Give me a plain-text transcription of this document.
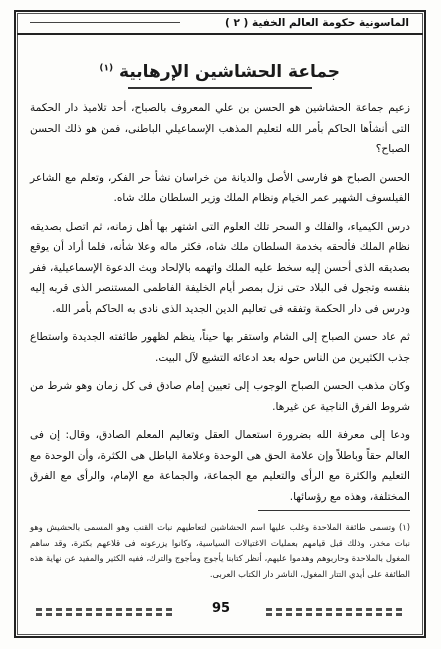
الماسونية حكومة العالم الخفية ( ٢ )
جماعة الحشاشين الإرهابية $^{(١)}$

زعيم جماعة الحشاشين هو الحسن بن علي المعروف بالصباح، أحد تلاميذ دار الحكمة التى أنشأها الحاكم بأمر الله لتعليم المذهب الإسماعيلي الباطنى، فمن هو ذلك الحسن الصباح؟

الحسن الصباح هو فارسى الأصل والديانة من خراسان نشأ حر الفكر، وتعلم مع الشاعر الفيلسوف الشهير عمر الخيام ونظام الملك وزير السلطان ملك شاه.

درس الكيمياء، والفلك و السحر تلك العلوم التى اشتهر بها أهل زمانه، ثم اتصل بصديقه نظام الملك فألحقه بخدمة السلطان ملك شاه، فكثر ماله وعلا شأنه، فلما أراد أن يوقع بصديقه الذى أحسن إليه سخط عليه الملك واتهمه بالإلحاد وبث الدعوة الإسماعيلية، ففر بنفسه وتجول فى البلاد حتى نزل بمصر أيام الخليفة الفاطمى المستنصر الذى قربه إليه ودرس فى دار الحكمة وتفقه فى تعاليم الدين الجديد الذى نادى به الحاكم بأمر الله.

ثم عاد حسن الصباح إلى الشام واستقر بها حيناً، ينظم لظهور طائفته الجديدة واستطاع جذب الكثيرين من الناس حوله بعد ادعائه التشيع لآل البيت.

وكان مذهب الحسن الصباح الوجوب إلى تعيين إمام صادق فى كل زمان وهو شرط من شروط الفرق الناجية عن غيرها.

ودعا إلى معرفة الله بضرورة استعمال العقل وتعاليم المعلم الصادق، وقال: إن فى العالم حقاً وباطلاً وإن علامة الحق هى الوحدة وعلامة الباطل هى الكثرة، وأن الوحدة مع التعليم والكثرة مع الرأى والتعليم مع الجماعة، والجماعة مع الإمام، والرأى مع الفرق المختلفة، وهذه مع رؤسائها.

(١) وتسمى طائفة الملاحدة وغلب عليها اسم الحشاشين لتعاطيهم نبات القنب وهو المسمى بالحشيش وهو نبات مخدر، وذلك قبل قيامهم بعمليات الاغتيالات السياسية، وكانوا يزرعونه فى قلاعهم بكثرة، وقد ساهم المغول بالملاحدة وحاربوهم وهدموا عليهم، أنظر كتابنا يأجوج ومأجوج والترك، ففيه الكثير والمفيد عن نهاية هذه الطائفة على أيدي التتار المغول، الناشر دار الكتاب العربى.
95
